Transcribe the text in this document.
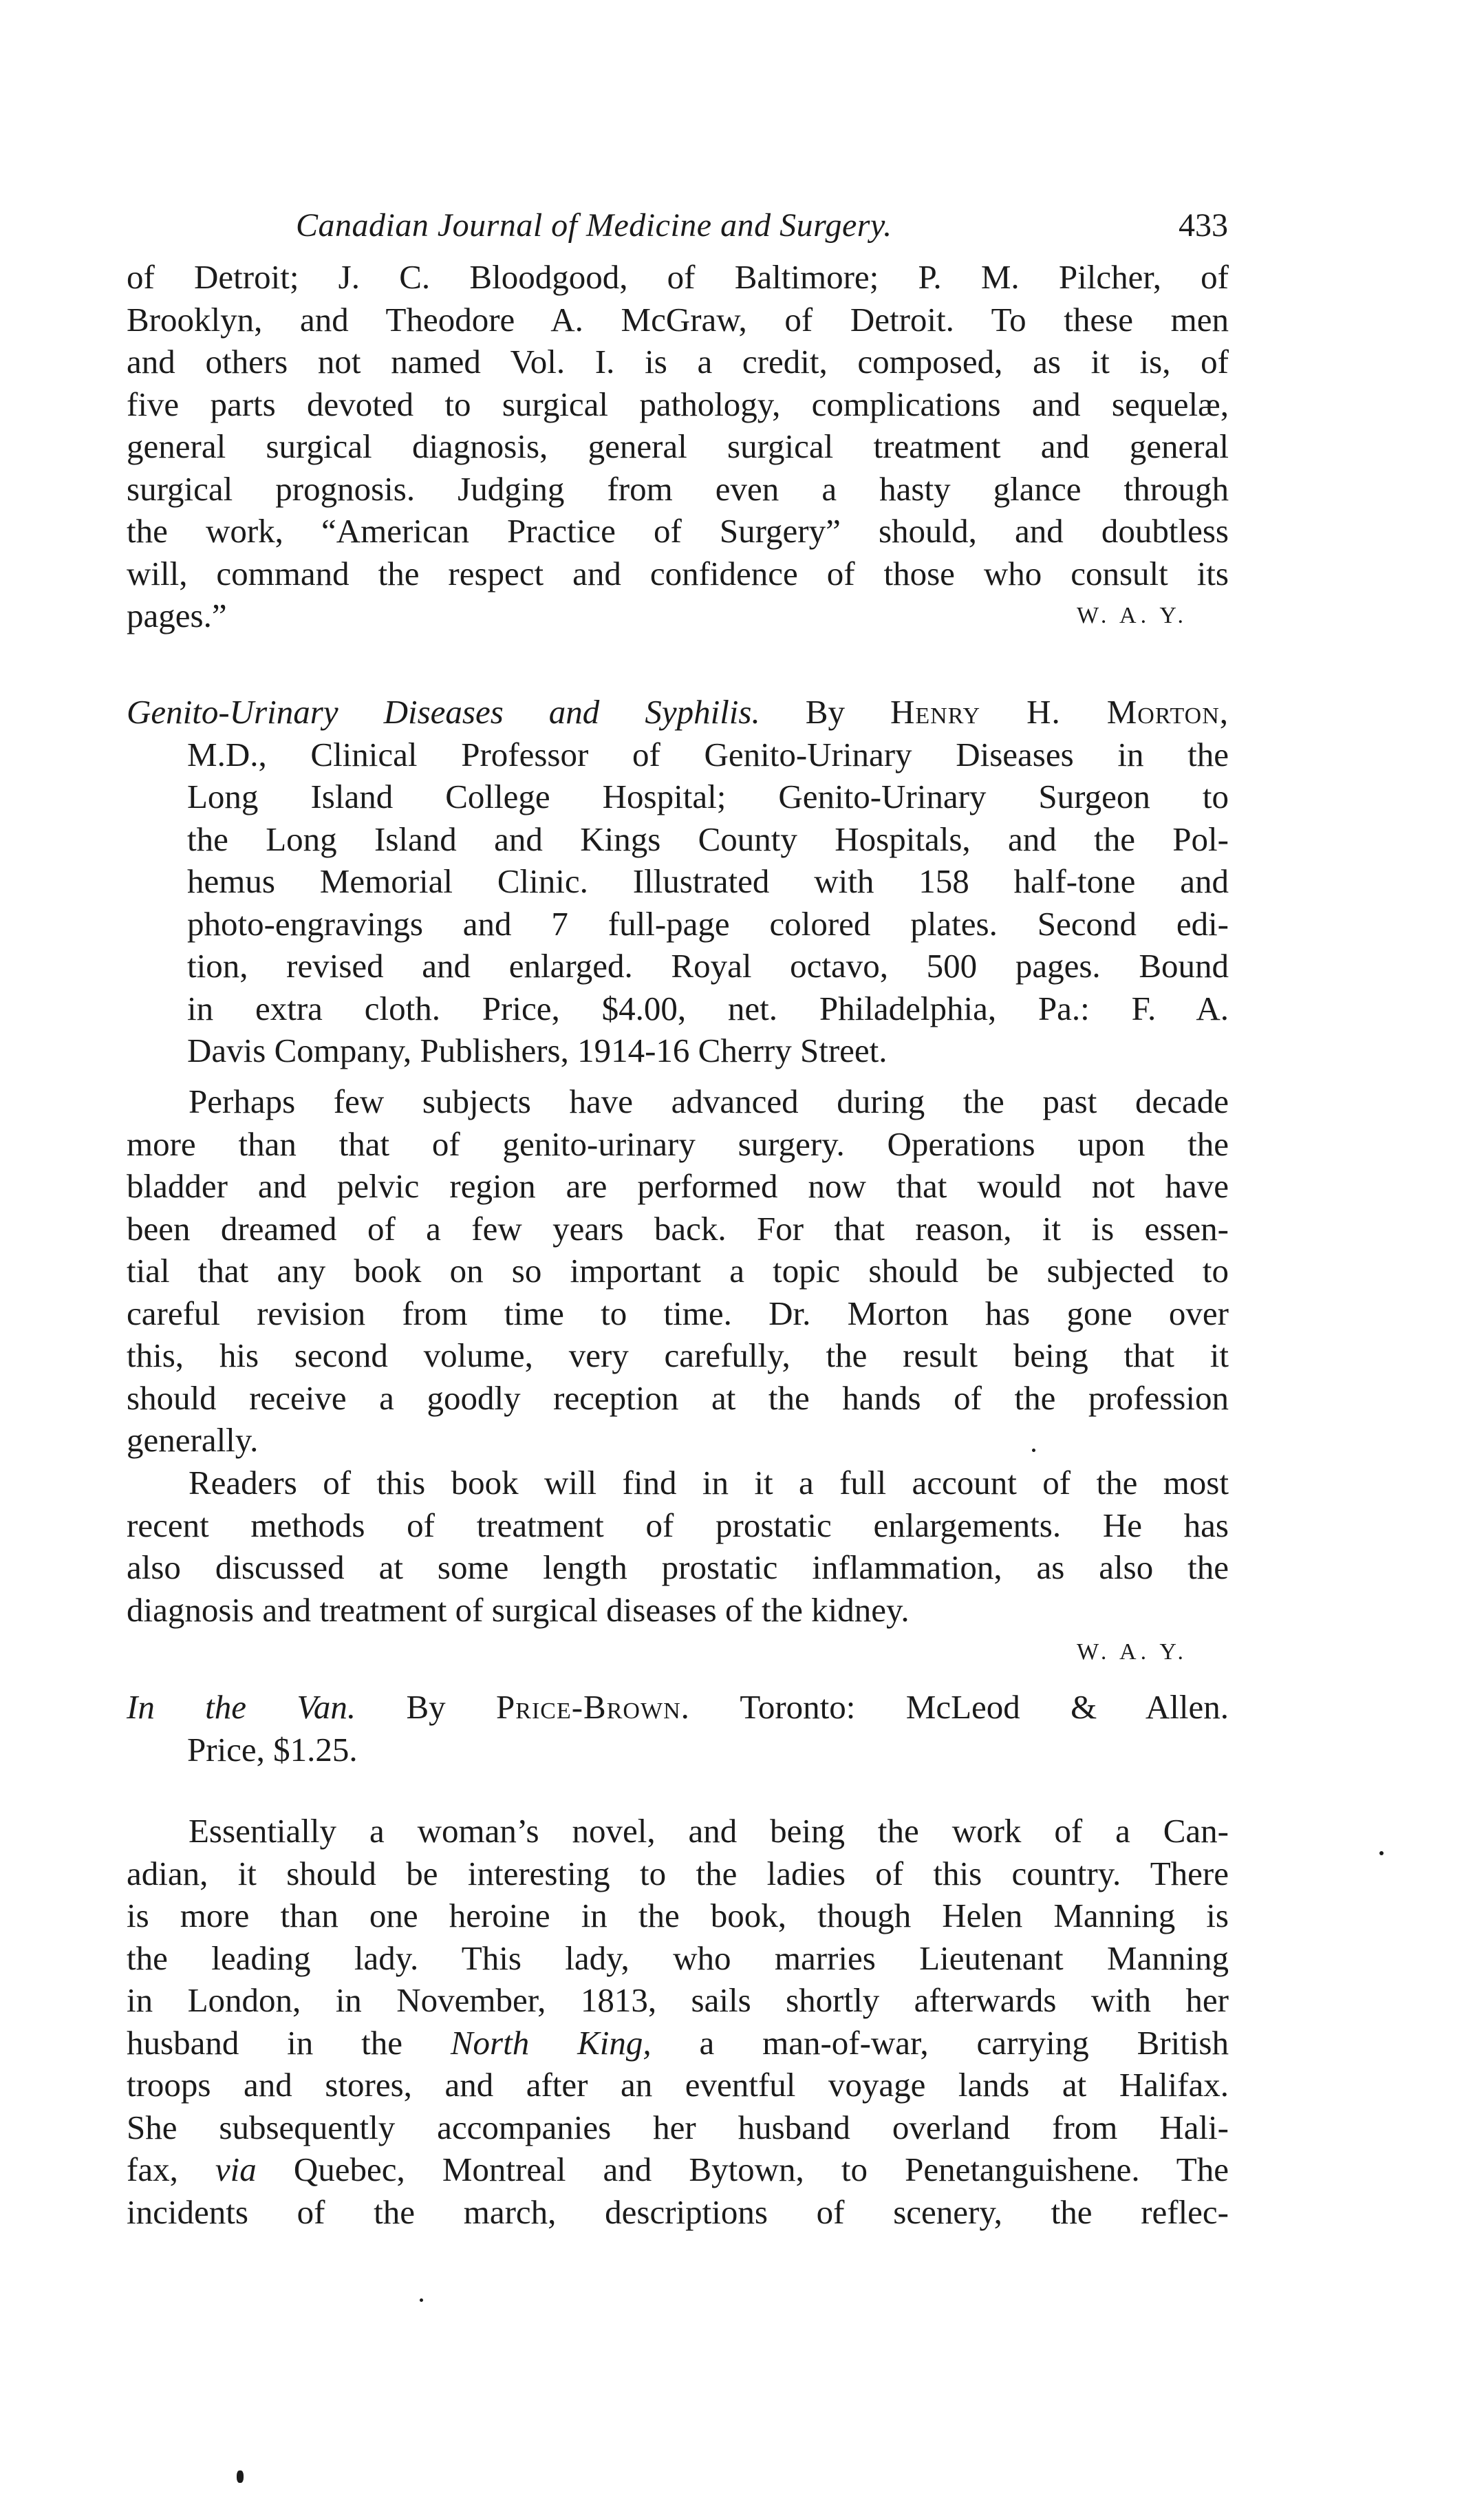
Canadian Journal of Medicine and Surgery.	433
of Detroit; J. C. Bloodgood, of Baltimore; P. M. Pilcher, of
Brooklyn, and Theodore A. McGraw, of Detroit. To these men
and others not named Vol. I. is a credit, composed, as it is, of
five parts devoted to surgical pathology, complications and sequelæ,
general surgical diagnosis, general surgical treatment and general
surgical prognosis. Judging from even a hasty glance through
the work, “American Practice of Surgery” should, and doubtless
will, command the respect and confidence of those who consult its
pages.”	W. A. Y.
Genito-Urinary Diseases and Syphilis. By Henry H. Morton,
M.D., Clinical Professor of Genito-Urinary Diseases in the
Long Island College Hospital; Genito-Urinary Surgeon to
the Long Island and Kings County Hospitals, and the Pol-
hemus Memorial Clinic. Illustrated with 158 half-tone and
photo-engravings and 7 full-page colored plates. Second edi-
tion, revised and enlarged. Royal octavo, 500 pages. Bound
in extra cloth. Price, $4.00, net. Philadelphia, Pa.: F. A.
Davis Company, Publishers, 1914-16 Cherry Street.
Perhaps few subjects have advanced during the past decade
more than that of genito-urinary surgery. Operations upon the
bladder and pelvic region are performed now that would not have
been dreamed of a few years back. For that reason, it is essen-
tial that any book on so important a topic should be subjected to
careful revision from time to time. Dr. Morton has gone over
this, his second volume, very carefully, the result being that it
should receive a goodly reception at the hands of the profession
generally.
Readers of this book will find in it a full account of the most
recent methods of treatment of prostatic enlargements. He has
also discussed at some length prostatic inflammation, as also the
diagnosis and treatment of surgical diseases of the kidney.
W. A. Y.
In the Van. By Price-Brown. Toronto: McLeod & Allen.
Price, $1.25.
Essentially a woman’s novel, and being the work of a Can-
adian, it should be interesting to the ladies of this country. There
is more than one heroine in the book, though Helen Manning is
the leading lady. This lady, who marries Lieutenant Manning
in London, in November, 1813, sails shortly afterwards with her
husband in the North King, a man-of-war, carrying British
troops and stores, and after an eventful voyage lands at Halifax.
She subsequently accompanies her husband overland from Hali-
fax, via Quebec, Montreal and Bytown, to Penetanguishene. The
incidents of the march, descriptions of scenery, the reflec-
